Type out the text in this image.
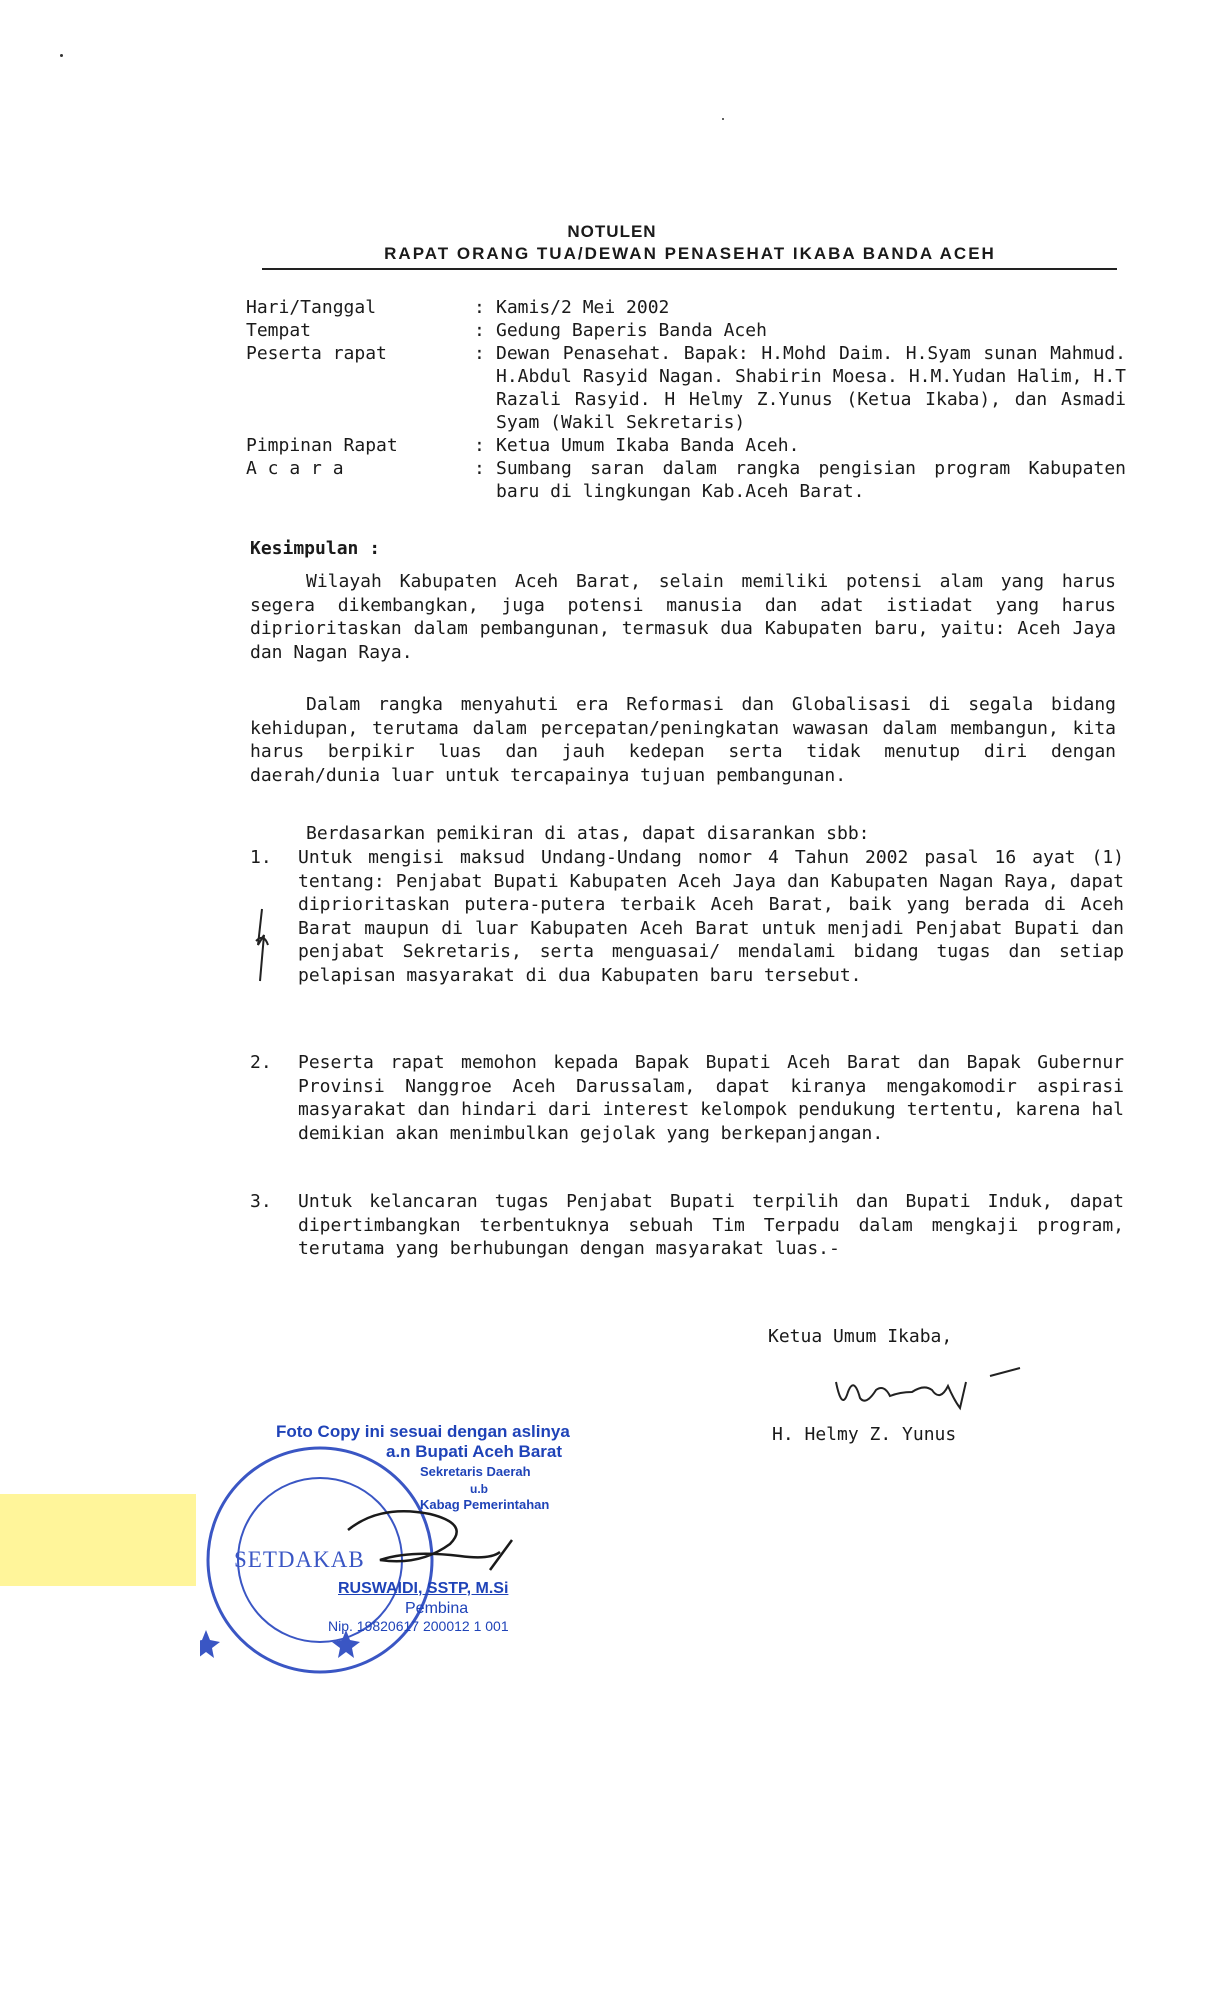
NOTULEN
RAPAT ORANG TUA/DEWAN PENASEHAT IKABA BANDA ACEH
Hari/Tanggal	: Kamis/2 Mei 2002
Tempat	: Gedung Baperis Banda Aceh
Peserta rapat	: Dewan Penasehat. Bapak: H.Mohd Daim. H.Syam sunan Mahmud. H.Abdul Rasyid Nagan. Shabirin Moesa. H.M.Yudan Halim, H.T Razali Rasyid. H Helmy Z.Yunus (Ketua Ikaba), dan Asmadi Syam (Wakil Sekretaris)
Pimpinan Rapat	: Ketua Umum Ikaba Banda Aceh.
A c a r a	: Sumbang saran dalam rangka pengisian program Kabupaten baru di lingkungan Kab.Aceh Barat.
Kesimpulan :
Wilayah Kabupaten Aceh Barat, selain memiliki potensi alam yang harus segera dikembangkan, juga potensi manusia dan adat istiadat yang harus diprioritaskan dalam pembangunan, termasuk dua Kabupaten baru, yaitu: Aceh Jaya dan Nagan Raya.
Dalam rangka menyahuti era Reformasi dan Globalisasi di segala bidang kehidupan, terutama dalam percepatan/peningkatan wawasan dalam membangun, kita harus berpikir luas dan jauh kedepan serta tidak menutup diri dengan daerah/dunia luar untuk tercapainya tujuan pembangunan.
Berdasarkan pemikiran di atas, dapat disarankan sbb:
1.	Untuk mengisi maksud Undang-Undang nomor 4 Tahun 2002 pasal 16 ayat (1) tentang: Penjabat Bupati Kabupaten Aceh Jaya dan Kabupaten Nagan Raya, dapat diprioritaskan putera-putera terbaik Aceh Barat, baik yang berada di Aceh Barat maupun di luar Kabupaten Aceh Barat untuk menjadi Penjabat Bupati dan penjabat Sekretaris, serta menguasai/ mendalami bidang tugas dan setiap pelapisan masyarakat di dua Kabupaten baru tersebut.
2.	Peserta rapat memohon kepada Bapak Bupati Aceh Barat dan Bapak Gubernur Provinsi Nanggroe Aceh Darussalam, dapat kiranya mengakomodir aspirasi masyarakat dan hindari dari interest kelompok pendukung tertentu, karena hal demikian akan menimbulkan gejolak yang berkepanjangan.
3.	Untuk kelancaran tugas Penjabat Bupati terpilih dan Bupati Induk, dapat dipertimbangkan terbentuknya sebuah Tim Terpadu dalam mengkaji program, terutama yang berhubungan dengan masyarakat luas.-
Ketua Umum Ikaba,
H. Helmy Z. Yunus
SETDAKAB
Foto Copy ini sesuai dengan aslinya
a.n Bupati Aceh Barat
Sekretaris Daerah
u.b
Kabag Pemerintahan
RUSWAIDI, SSTP, M.Si
Pembina
Nip. 19820617 200012 1 001
